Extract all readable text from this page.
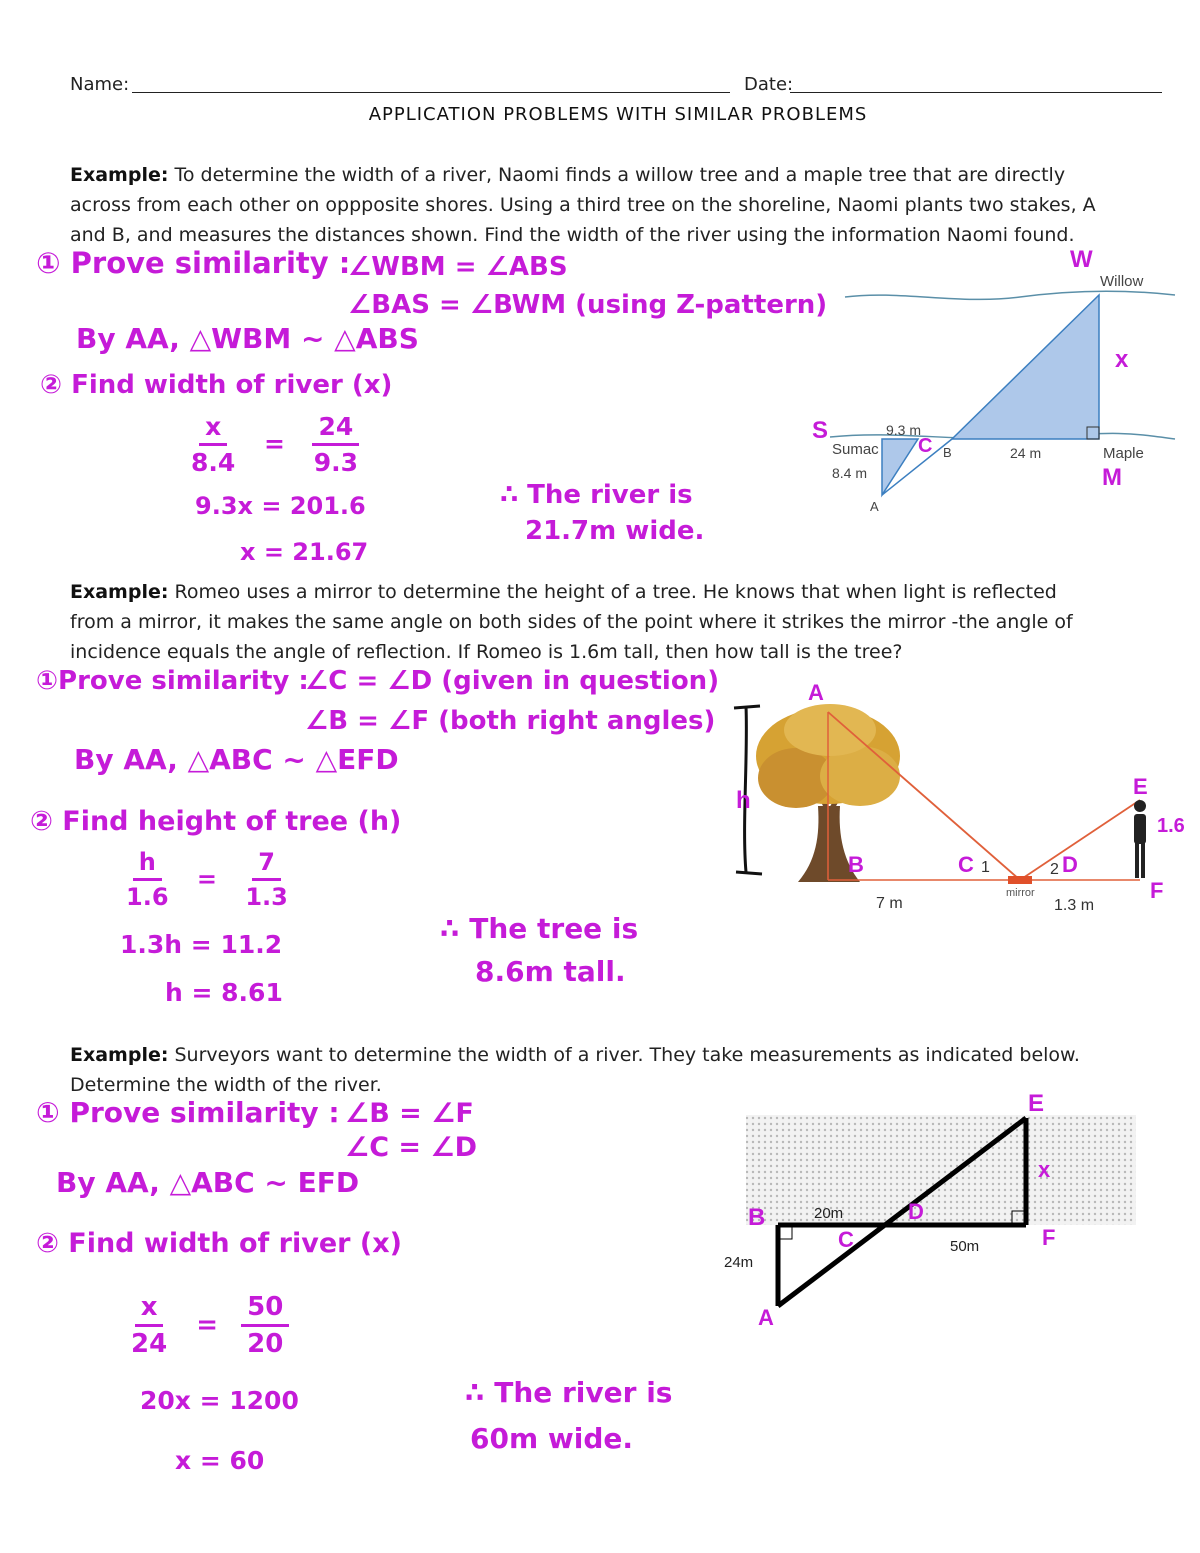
Name:	Date:
APPLICATION PROBLEMS WITH SIMILAR PROBLEMS
Example: To determine the width of a river, Naomi finds a willow tree and a maple tree that are directly
across from each other on oppposite shores. Using a third tree on the shoreline, Naomi plants two stakes, A
and B, and measures the distances shown. Find the width of the river using the information Naomi found.
① Prove similarity :
∠WBM = ∠ABS
∠BAS = ∠BWM (using Z-pattern)
By AA, △WBM ~ △ABS
② Find width of river (x)
$\frac{x}{8.4} = \frac{24}{9.3}$
9.3x = 201.6
x = 21.67
∴ The river is
21.7m wide.
Willow
Maple
Sumac
9.3 m
24 m
8.4 m
A
B
W
M
S
C
x
Example: Romeo uses a mirror to determine the height of a tree. He knows that when light is reflected
from a mirror, it makes the same angle on both sides of the point where it strikes the mirror -the angle of
incidence equals the angle of reflection. If Romeo is 1.6m tall, then how tall is the tree?
①Prove similarity :
∠C = ∠D (given in question)
∠B = ∠F (both right angles)
By AA, △ABC ~ △EFD
② Find height of tree (h)
$\frac{h}{1.6} = \frac{7}{1.3}$
1.3h = 11.2
h = 8.61
∴ The tree is
8.6m tall.
h
A
B	C 1	2 D
E
F
1.6
7 m
mirror
1.3 m
Example: Surveyors want to determine the width of a river. They take measurements as indicated below.
Determine the width of the river.
① Prove similarity : ∠B = ∠F
∠C = ∠D
By AA, △ABC ~ EFD
② Find width of river (x)
$\frac{x}{24} = \frac{50}{20}$
20x = 1200
x = 60
∴ The river is
60m wide.
E
x
B	20m	D
F
C	50m
24m
A
